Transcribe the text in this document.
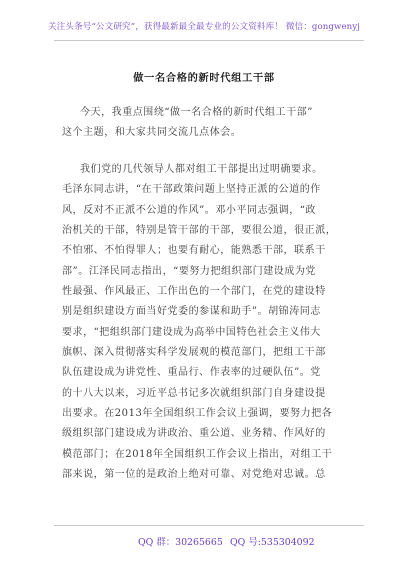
关注头条号“公文研究”，获得最新最全最专业的公文资料库！ 微信：gongwenyj
做一名合格的新时代组工干部
今天，我重点围绕“做一名合格的新时代组工干部”
这个主题，和大家共同交流几点体会。
我们党的几代领导人都对组工干部提出过明确要求。
毛泽东同志讲，“在干部政策问题上坚持正派的公道的作
风，反对不正派不公道的作风”。邓小平同志强调，“政
治机关的干部，特别是管干部的干部，要很公道，很正派，
不怕邪、不怕得罪人；也要有耐心，能熟悉干部，联系干
部”。江泽民同志指出，“要努力把组织部门建设成为党
性最强、作风最正、工作出色的一个部门，在党的建设特
别是组织建设方面当好党委的参谋和助手”。胡锦涛同志
要求，“把组织部门建设成为高举中国特色社会主义伟大
旗帜、深入贯彻落实科学发展观的模范部门，把组工干部
队伍建设成为讲党性、重品行、作表率的过硬队伍”。党
的十八大以来，习近平总书记多次就组织部门自身建设提
出要求。在2013年全国组织工作会议上强调，要努力把各
级组织部门建设成为讲政治、重公道、业务精、作风好的
模范部门；在2018年全国组织工作会议上指出，对组工干
部来说，第一位的是政治上绝对可靠、对党绝对忠诚。总
QQ 群：30265665 QQ 号:535304092
